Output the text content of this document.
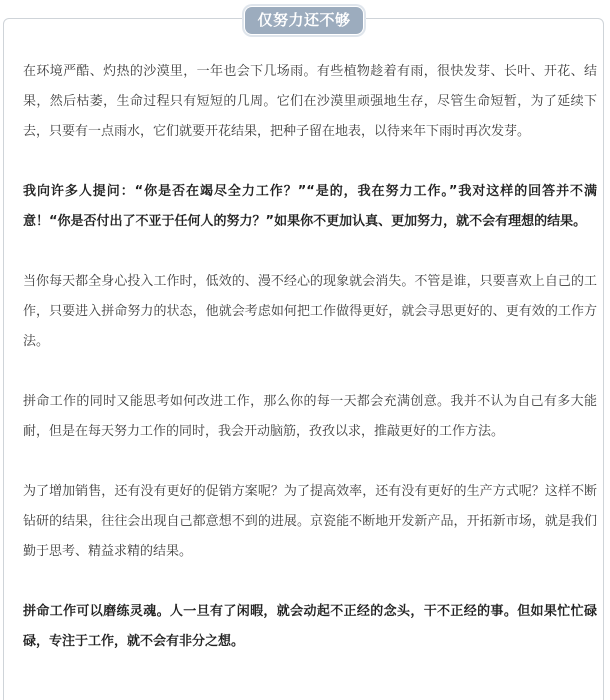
仅努力还不够

在环境严酷、灼热的沙漠里，一年也会下几场雨。有些植物趁着有雨，很快发芽、长叶、开花、结果，然后枯萎，生命过程只有短短的几周。它们在沙漠里顽强地生存，尽管生命短暂，为了延续下去，只要有一点雨水，它们就要开花结果，把种子留在地表，以待来年下雨时再次发芽。

我向许多人提问：“你是否在竭尽全力工作？”“是的，我在努力工作。”我对这样的回答并不满意！“你是否付出了不亚于任何人的努力？”如果你不更加认真、更加努力，就不会有理想的结果。

当你每天都全身心投入工作时，低效的、漫不经心的现象就会消失。不管是谁，只要喜欢上自己的工作，只要进入拼命努力的状态，他就会考虑如何把工作做得更好，就会寻思更好的、更有效的工作方法。

拼命工作的同时又能思考如何改进工作，那么你的每一天都会充满创意。我并不认为自己有多大能耐，但是在每天努力工作的同时，我会开动脑筋，孜孜以求，推敲更好的工作方法。

为了增加销售，还有没有更好的促销方案呢？为了提高效率，还有没有更好的生产方式呢？这样不断钻研的结果，往往会出现自己都意想不到的进展。京瓷能不断地开发新产品，开拓新市场，就是我们勤于思考、精益求精的结果。

拼命工作可以磨练灵魂。人一旦有了闲暇，就会动起不正经的念头，干不正经的事。但如果忙忙碌碌，专注于工作，就不会有非分之想。
